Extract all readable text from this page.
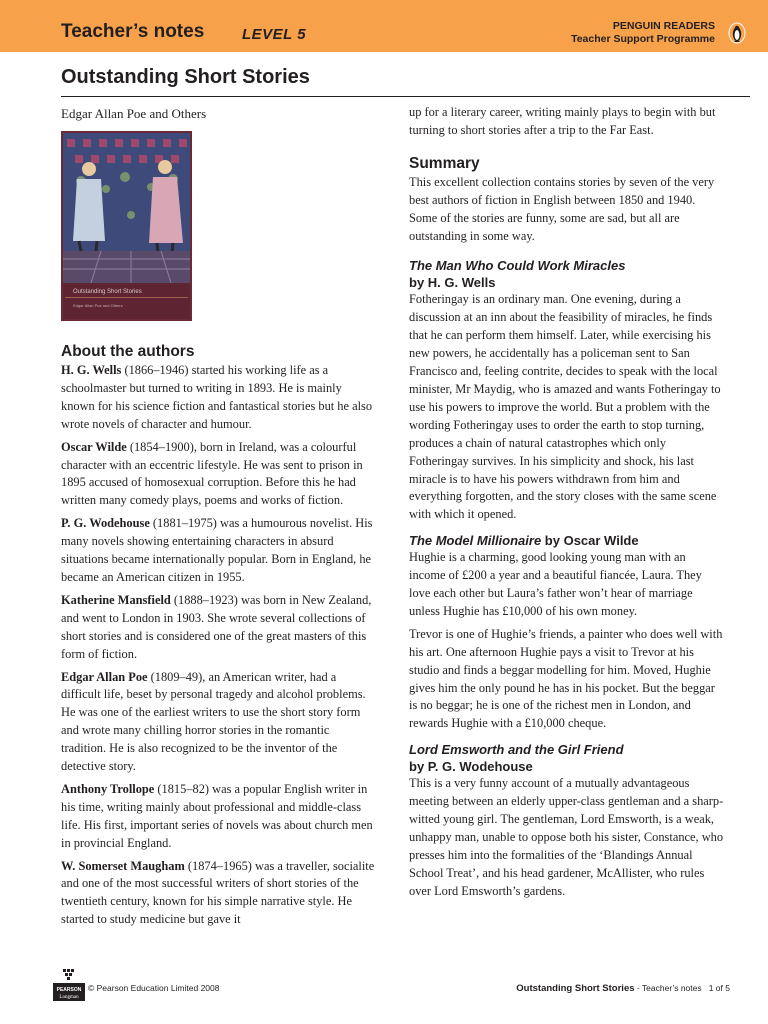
Teacher’s notes	LEVEL 5	PENGUIN READERS
Teacher Support Programme
Outstanding Short Stories
Edgar Allan Poe and Others
Outstanding Short Stories
Edgar Allan Poe and Others
About the authors

H. G. Wells (1866–1946) started his working life as a schoolmaster but turned to writing in 1893. He is mainly known for his science fiction and fantastical stories but he also wrote novels of character and humour.

Oscar Wilde (1854–1900), born in Ireland, was a colourful character with an eccentric lifestyle. He was sent to prison in 1895 accused of homosexual corruption. Before this he had written many comedy plays, poems and works of fiction.

P. G. Wodehouse (1881–1975) was a humourous novelist. His many novels showing entertaining characters in absurd situations became internationally popular. Born in England, he became an American citizen in 1955.

Katherine Mansfield (1888–1923) was born in New Zealand, and went to London in 1903. She wrote several collections of short stories and is considered one of the great masters of this form of fiction.

Edgar Allan Poe (1809–49), an American writer, had a difficult life, beset by personal tragedy and alcohol problems. He was one of the earliest writers to use the short story form and wrote many chilling horror stories in the romantic tradition. He is also recognized to be the inventor of the detective story.

Anthony Trollope (1815–82) was a popular English writer in his time, writing mainly about professional and middle-class life. His first, important series of novels was about church men in provincial England.

W. Somerset Maugham (1874–1965) was a traveller, socialite and one of the most successful writers of short stories of the twentieth century, known for his simple narrative style. He started to study medicine but gave it

up for a literary career, writing mainly plays to begin with but turning to short stories after a trip to the Far East.

Summary

This excellent collection contains stories by seven of the very best authors of fiction in English between 1850 and 1940. Some of the stories are funny, some are sad, but all are outstanding in some way.

The Man Who Could Work Miracles
by H. G. Wells

Fotheringay is an ordinary man. One evening, during a discussion at an inn about the feasibility of miracles, he finds that he can perform them himself. Later, while exercising his new powers, he accidentally has a policeman sent to San Francisco and, feeling contrite, decides to speak with the local minister, Mr Maydig, who is amazed and wants Fotheringay to use his powers to improve the world. But a problem with the wording Fotheringay uses to order the earth to stop turning, produces a chain of natural catastrophes which only Fotheringay survives. In his simplicity and shock, his last miracle is to have his powers withdrawn from him and everything forgotten, and the story closes with the same scene with which it opened.

The Model Millionaire by Oscar Wilde

Hughie is a charming, good looking young man with an income of £200 a year and a beautiful fiancée, Laura. They love each other but Laura’s father won’t hear of marriage unless Hughie has £10,000 of his own money.

Trevor is one of Hughie’s friends, a painter who does well with his art. One afternoon Hughie pays a visit to Trevor at his studio and finds a beggar modelling for him. Moved, Hughie gives him the only pound he has in his pocket. But the beggar is no beggar; he is one of the richest men in London, and rewards Hughie with a £10,000 cheque.

Lord Emsworth and the Girl Friend
by P. G. Wodehouse

This is a very funny account of a mutually advantageous meeting between an elderly upper-class gentleman and a sharp-witted young girl. The gentleman, Lord Emsworth, is a weak, unhappy man, unable to oppose both his sister, Constance, who presses him into the formalities of the ‘Blandings Annual School Treat’, and his head gardener, McAllister, who rules over Lord Emsworth’s gardens.

PEARSON
Longman
© Pearson Education Limited 2008	Outstanding Short Stories - Teacher’s notes 1 of 5
